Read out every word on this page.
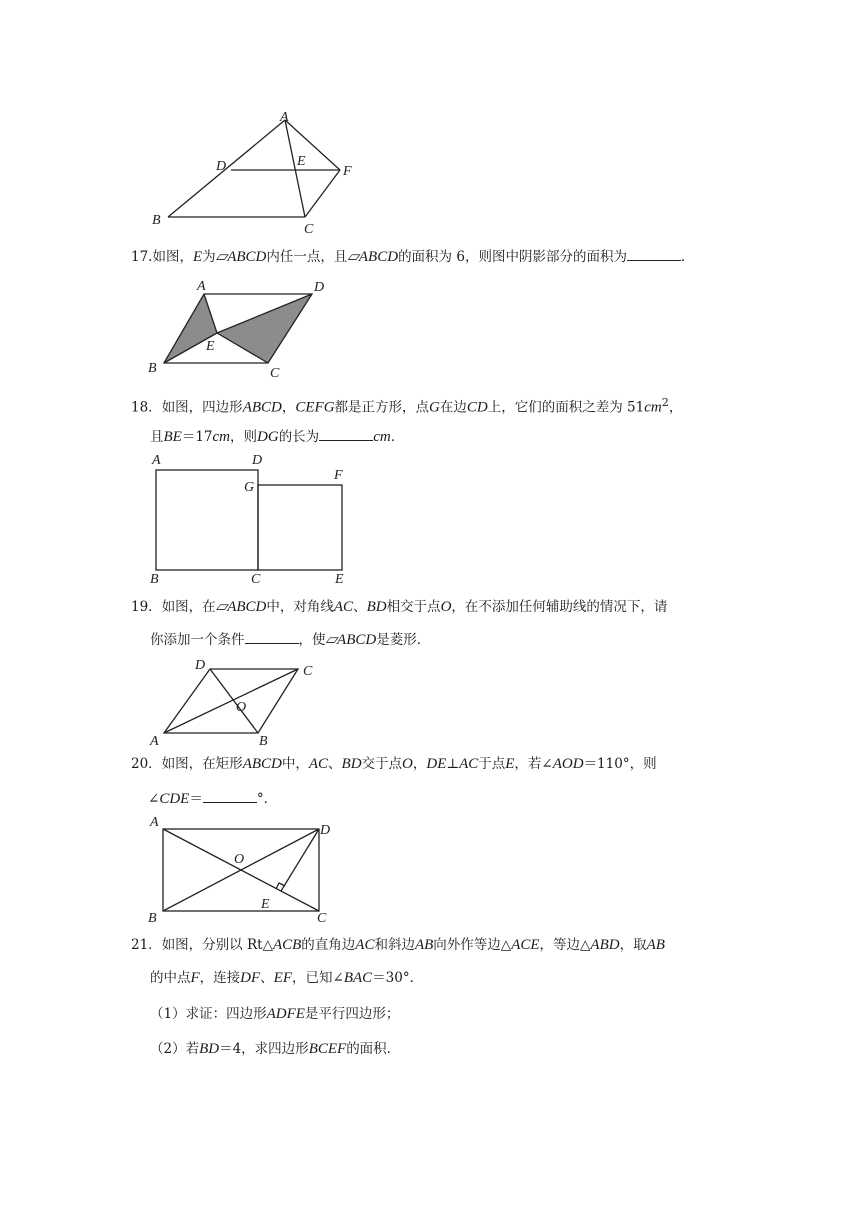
A
D	E
F
B
C
17.如图，E为▱ABCD内任一点，且▱ABCD的面积为 6，则图中阴影部分的面积为	．
A	D
E
B	C
18．如图，四边形ABCD，CEFG都是正方形，点G在边CD上，它们的面积之差为 $51cm^2$，
且BE＝17cm，则DG的长为	cm．
A	D
G
F
B	C	E
19．如图，在▱ABCD中，对角线AC、BD相交于点O，在不添加任何辅助线的情况下，请
你添加一个条件	，使▱ABCD是菱形．
D	C
O
A	B
20．如图，在矩形ABCD中，AC、BD交于点O，DE⊥AC于点E，若∠AOD＝110°，则
∠CDE＝	°．
A
D
O
E
B	C
21．如图，分别以 Rt△ACB的直角边AC和斜边AB向外作等边△ACE，等边△ABD，取AB
的中点F，连接DF、EF，已知∠BAC＝30°．
（1）求证：四边形ADFE是平行四边形；
（2）若BD＝4，求四边形BCEF的面积．
